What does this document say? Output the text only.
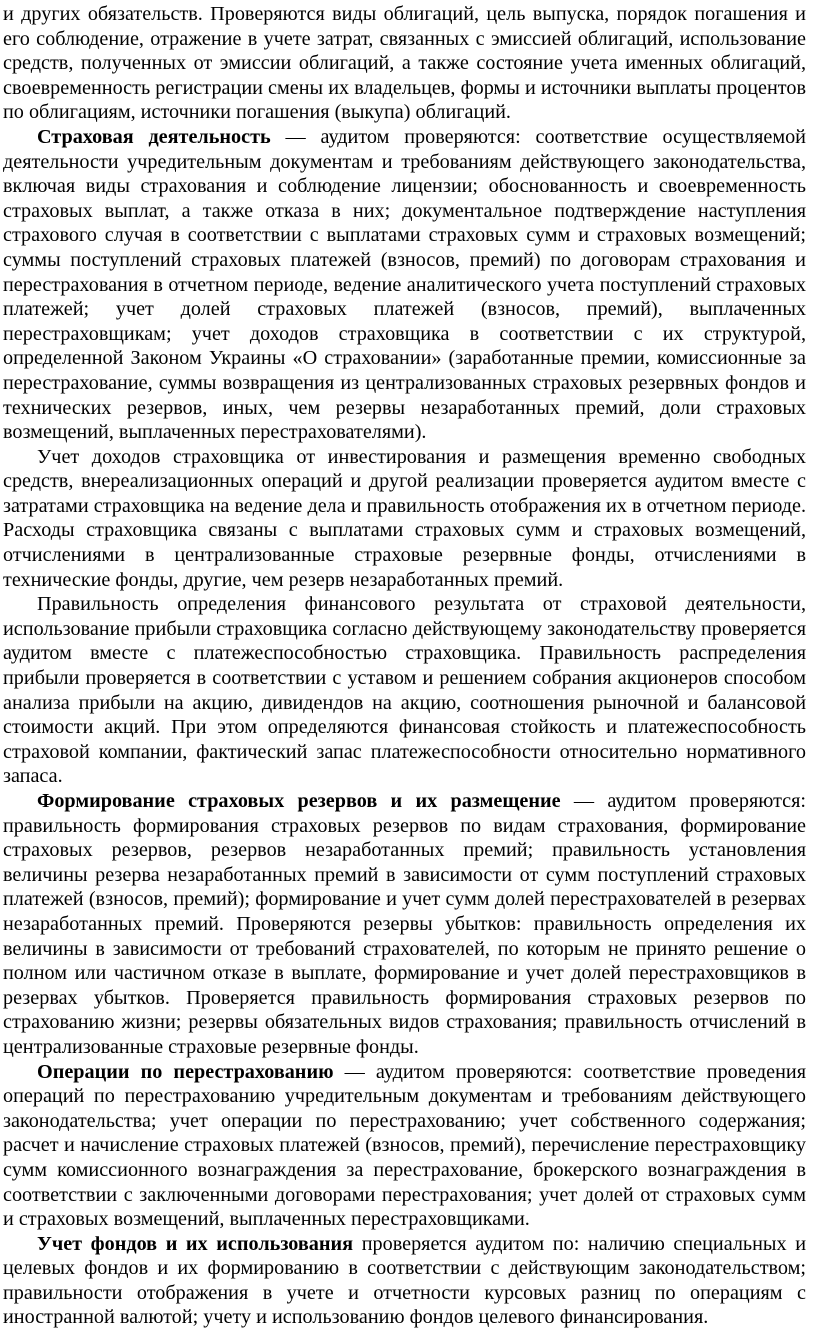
и других обязательств. Проверяются виды облигаций, цель выпуска, порядок погашения и его соблюдение, отражение в учете затрат, связанных с эмиссией облигаций, использование средств, полученных от эмиссии облигаций, а также состояние учета именных облигаций, своевременность регистрации смены их владельцев, формы и источники выплаты процентов по облигациям, источники погашения (выкупа) облигаций.

Страховая деятельность — аудитом проверяются: соответствие осуществляемой деятельности учредительным документам и требованиям действующего законодательства, включая виды страхования и соблюдение лицензии; обоснованность и своевременность страховых выплат, а также отказа в них; документальное подтверждение наступления страхового случая в соответствии с выплатами страховых сумм и страховых возмещений; суммы поступлений страховых платежей (взносов, премий) по договорам страхования и перестрахования в отчетном периоде, ведение аналитического учета поступлений страховых платежей; учет долей страховых платежей (взносов, премий), выплаченных перестраховщикам; учет доходов страховщика в соответствии с их структурой, определенной Законом Украины «О страховании» (заработанные премии, комиссионные за перестрахование, суммы возвращения из централизованных страховых резервных фондов и технических резервов, иных, чем резервы незаработанных премий, доли страховых возмещений, выплаченных перестрахователями).

Учет доходов страховщика от инвестирования и размещения временно свободных средств, внереализационных операций и другой реализации проверяется аудитом вместе с затратами страховщика на ведение дела и правильность отображения их в отчетном периоде. Расходы страховщика связаны с выплатами страховых сумм и страховых возмещений, отчислениями в централизованные страховые резервные фонды, отчислениями в технические фонды, другие, чем резерв незаработанных премий.

Правильность определения финансового результата от страховой деятельности, использование прибыли страховщика согласно действующему законодательству проверяется аудитом вместе с платежеспособностью страховщика. Правильность распределения прибыли проверяется в соответствии с уставом и решением собрания акционеров способом анализа прибыли на акцию, дивидендов на акцию, соотношения рыночной и балансовой стоимости акций. При этом определяются финансовая стойкость и платежеспособность страховой компании, фактический запас платежеспособности относительно нормативного запаса.

Формирование страховых резервов и их размещение — аудитом проверяются: правильность формирования страховых резервов по видам страхования, формирование страховых резервов, резервов незаработанных премий; правильность установления величины резерва незаработанных премий в зависимости от сумм поступлений страховых платежей (взносов, премий); формирование и учет сумм долей перестрахователей в резервах незаработанных премий. Проверяются резервы убытков: правильность определения их величины в зависимости от требований страхователей, по которым не принято решение о полном или частичном отказе в выплате, формирование и учет долей перестраховщиков в резервах убытков. Проверяется правильность формирования страховых резервов по страхованию жизни; резервы обязательных видов страхования; правильность отчислений в централизованные страховые резервные фонды.

Операции по перестрахованию — аудитом проверяются: соответствие проведения операций по перестрахованию учредительным документам и требованиям действующего законодательства; учет операции по перестрахованию; учет собственного содержания; расчет и начисление страховых платежей (взносов, премий), перечисление перестраховщику сумм комиссионного вознаграждения за перестрахование, брокерского вознаграждения в соответствии с заключенными договорами перестрахования; учет долей от страховых сумм и страховых возмещений, выплаченных перестраховщиками.

Учет фондов и их использования проверяется аудитом по: наличию специальных и целевых фондов и их формированию в соответствии с действующим законодательством; правильности отображения в учете и отчетности курсовых разниц по операциям с иностранной валютой; учету и использованию фондов целевого финансирования.
